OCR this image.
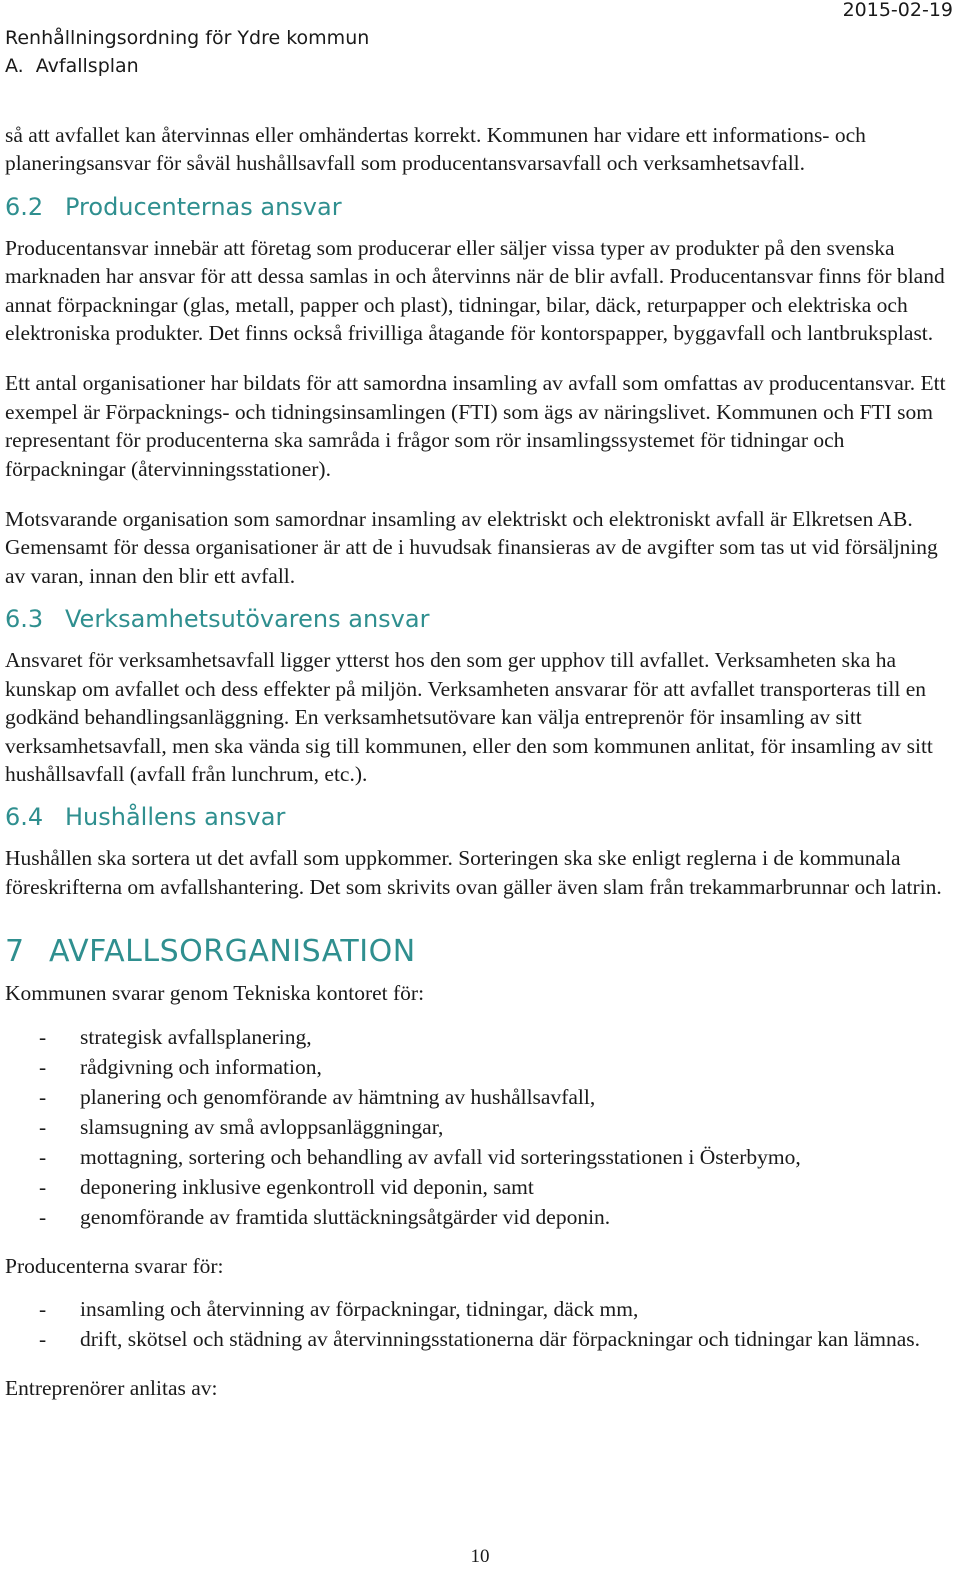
Renhållningsordning för Ydre kommun
A.  Avfallsplan
2015-02-19

så att avfallet kan återvinnas eller omhändertas korrekt. Kommunen har vidare ett informations- och planeringsansvar för såväl hushållsavfall som producentansvarsavfall och verksamhetsavfall.

6.2 Producenternas ansvar

Producentansvar innebär att företag som producerar eller säljer vissa typer av produkter på den svenska marknaden har ansvar för att dessa samlas in och återvinns när de blir avfall. Producentansvar finns för bland annat förpackningar (glas, metall, papper och plast), tidningar, bilar, däck, returpapper och elektriska och elektroniska produkter. Det finns också frivilliga åtagande för kontorspapper, byggavfall och lantbruksplast.

Ett antal organisationer har bildats för att samordna insamling av avfall som omfattas av producentansvar. Ett exempel är Förpacknings- och tidningsinsamlingen (FTI) som ägs av näringslivet. Kommunen och FTI som representant för producenterna ska samråda i frågor som rör insamlingssystemet för tidningar och förpackningar (återvinningsstationer).

Motsvarande organisation som samordnar insamling av elektriskt och elektroniskt avfall är Elkretsen AB. Gemensamt för dessa organisationer är att de i huvudsak finansieras av de avgifter som tas ut vid försäljning av varan, innan den blir ett avfall.

6.3 Verksamhetsutövarens ansvar

Ansvaret för verksamhetsavfall ligger ytterst hos den som ger upphov till avfallet. Verksamheten ska ha kunskap om avfallet och dess effekter på miljön. Verksamheten ansvarar för att avfallet transporteras till en godkänd behandlingsanläggning. En verksamhetsutövare kan välja entreprenör för insamling av sitt verksamhetsavfall, men ska vända sig till kommunen, eller den som kommunen anlitat, för insamling av sitt hushållsavfall (avfall från lunchrum, etc.).

6.4 Hushållens ansvar

Hushållen ska sortera ut det avfall som uppkommer. Sorteringen ska ske enligt reglerna i de kommunala föreskrifterna om avfallshantering. Det som skrivits ovan gäller även slam från trekammarbrunnar och latrin.

7 AVFALLSORGANISATION

Kommunen svarar genom Tekniska kontoret för:

- strategisk avfallsplanering,
- rådgivning och information,
- planering och genomförande av hämtning av hushållsavfall,
- slamsugning av små avloppsanläggningar,
- mottagning, sortering och behandling av avfall vid sorteringsstationen i Österbymo,
- deponering inklusive egenkontroll vid deponin, samt
- genomförande av framtida sluttäckningsåtgärder vid deponin.

Producenterna svarar för:

- insamling och återvinning av förpackningar, tidningar, däck mm,
- drift, skötsel och städning av återvinningsstationerna där förpackningar och tidningar kan lämnas.

Entreprenörer anlitas av:

10
